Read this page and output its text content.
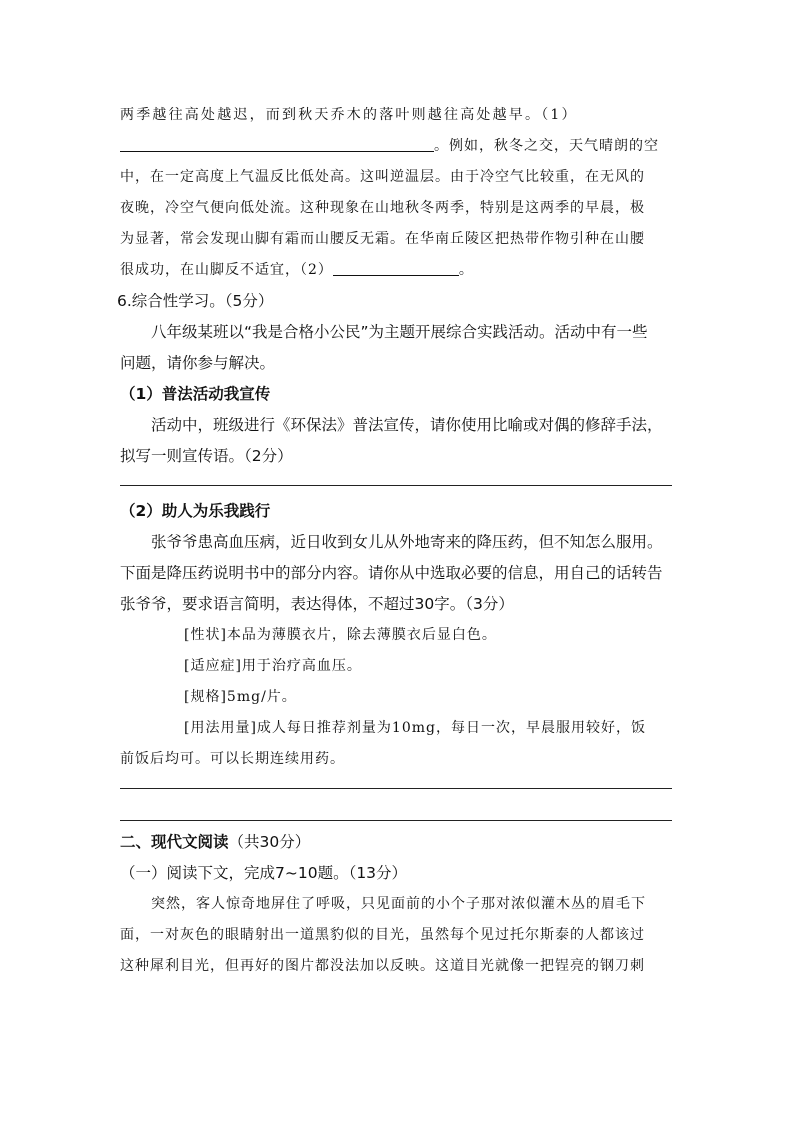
两季越往高处越迟，而到秋天乔木的落叶则越往高处越早。（1）
。例如，秋冬之交，天气晴朗的空
中，在一定高度上气温反比低处高。这叫逆温层。由于冷空气比较重，在无风的
夜晚，冷空气便向低处流。这种现象在山地秋冬两季，特别是这两季的早晨，极
为显著，常会发现山脚有霜而山腰反无霜。在华南丘陵区把热带作物引种在山腰
很成功，在山脚反不适宜，（2）	。
6.综合性学习。（5分）
八年级某班以“我是合格小公民”为主题开展综合实践活动。活动中有一些
问题，请你参与解决。
（1）普法活动我宣传
活动中，班级进行《环保法》普法宣传，请你使用比喻或对偶的修辞手法，
拟写一则宣传语。（2分）
（2）助人为乐我践行
张爷爷患高血压病，近日收到女儿从外地寄来的降压药，但不知怎么服用。
下面是降压药说明书中的部分内容。请你从中选取必要的信息，用自己的话转告
张爷爷，要求语言简明，表达得体，不超过30字。（3分）
[性状]本品为薄膜衣片，除去薄膜衣后显白色。
[适应症]用于治疗高血压。
[规格]5mg/片。
[用法用量]成人每日推荐剂量为10mg，每日一次，早晨服用较好，饭
前饭后均可。可以长期连续用药。
二、现代文阅读（共30分）
（一）阅读下文，完成7~10题。（13分）
突然，客人惊奇地屏住了呼吸，只见面前的小个子那对浓似灌木丛的眉毛下
面，一对灰色的眼睛射出一道黑豹似的目光，虽然每个见过托尔斯泰的人都该过
这种犀利目光，但再好的图片都没法加以反映。这道目光就像一把锃亮的钢刀刺
